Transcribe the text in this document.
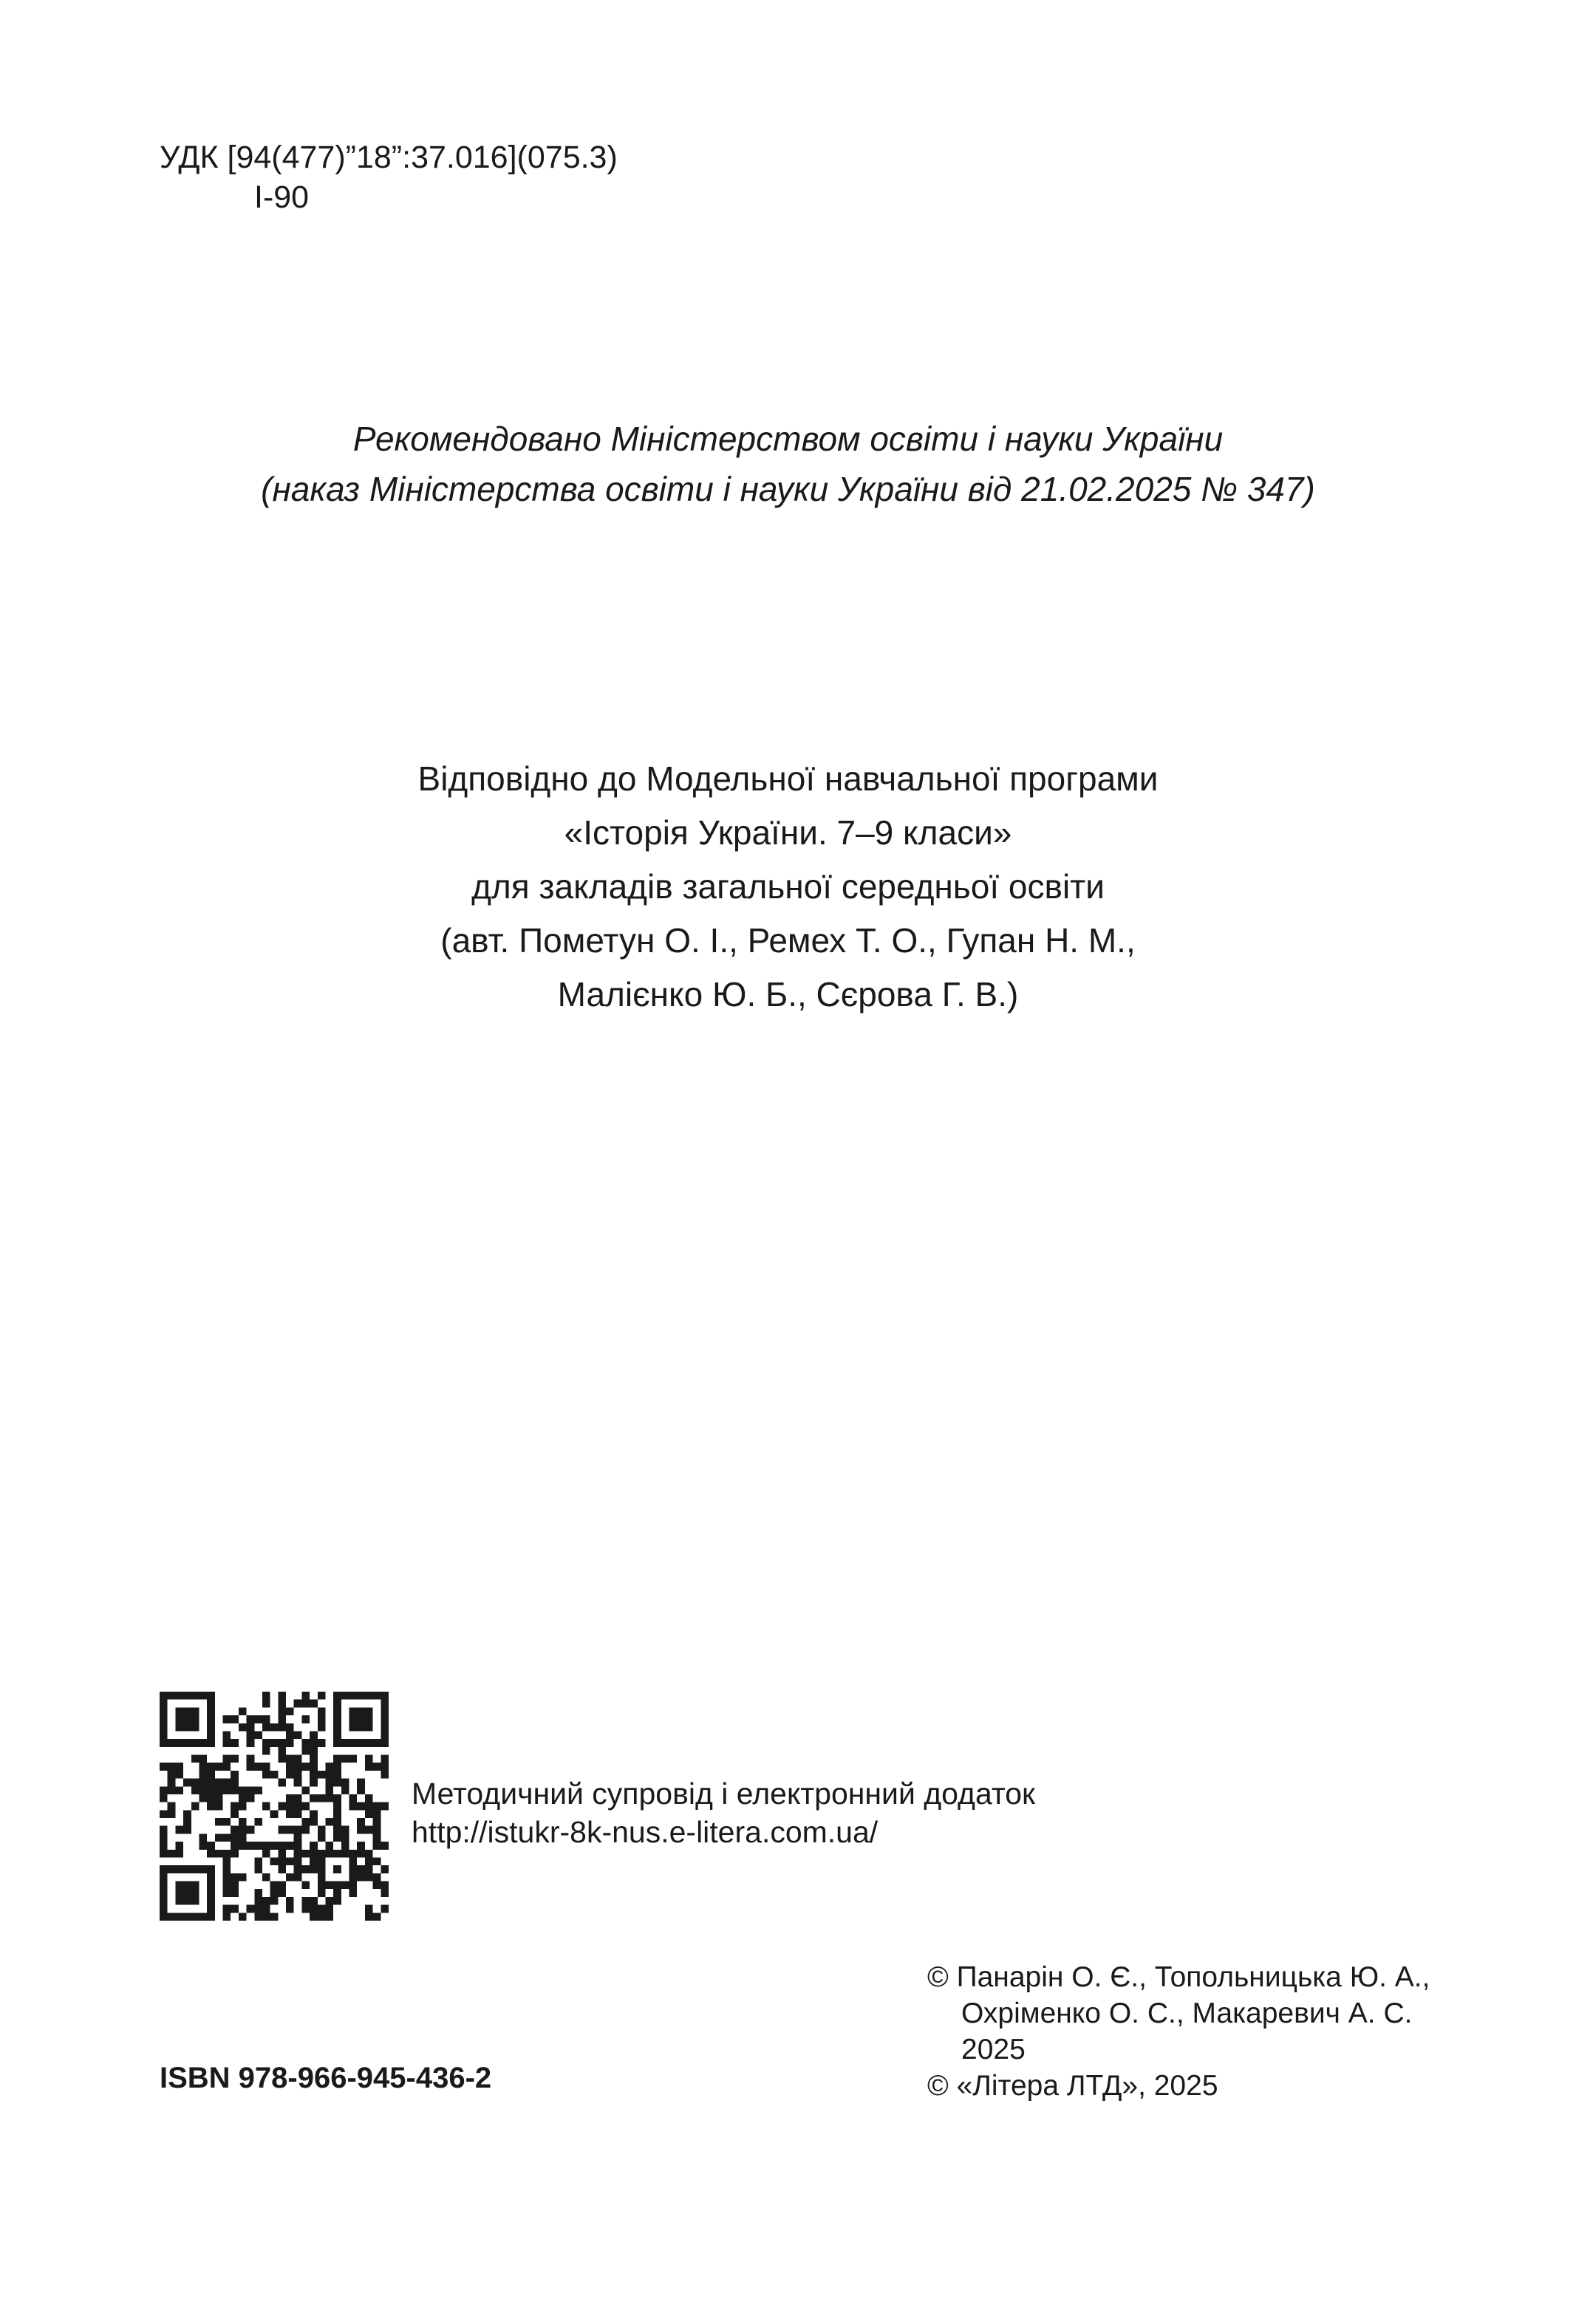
УДК [94(477)”18”:37.016](075.3)
І-90
Рекомендовано Міністерством освіти і науки України
(наказ Міністерства освіти і науки України від 21.02.2025 № 347)
Відповідно до Модельної навчальної програми
«Історія України. 7–9 класи»
для закладів загальної середньої освіти
(авт. Пометун О. І., Ремех Т. О., Гупан Н. М.,
Малієнко Ю. Б., Сєрова Г. В.)
Методичний супровід і електронний додаток
http://istukr-8k-nus.e-litera.com.ua/
© Панарін О. Є., Топольницька Ю. А.,
Охріменко О. С., Макаревич А. С.
2025
© «Літера ЛТД», 2025
ISBN 978-966-945-436-2
